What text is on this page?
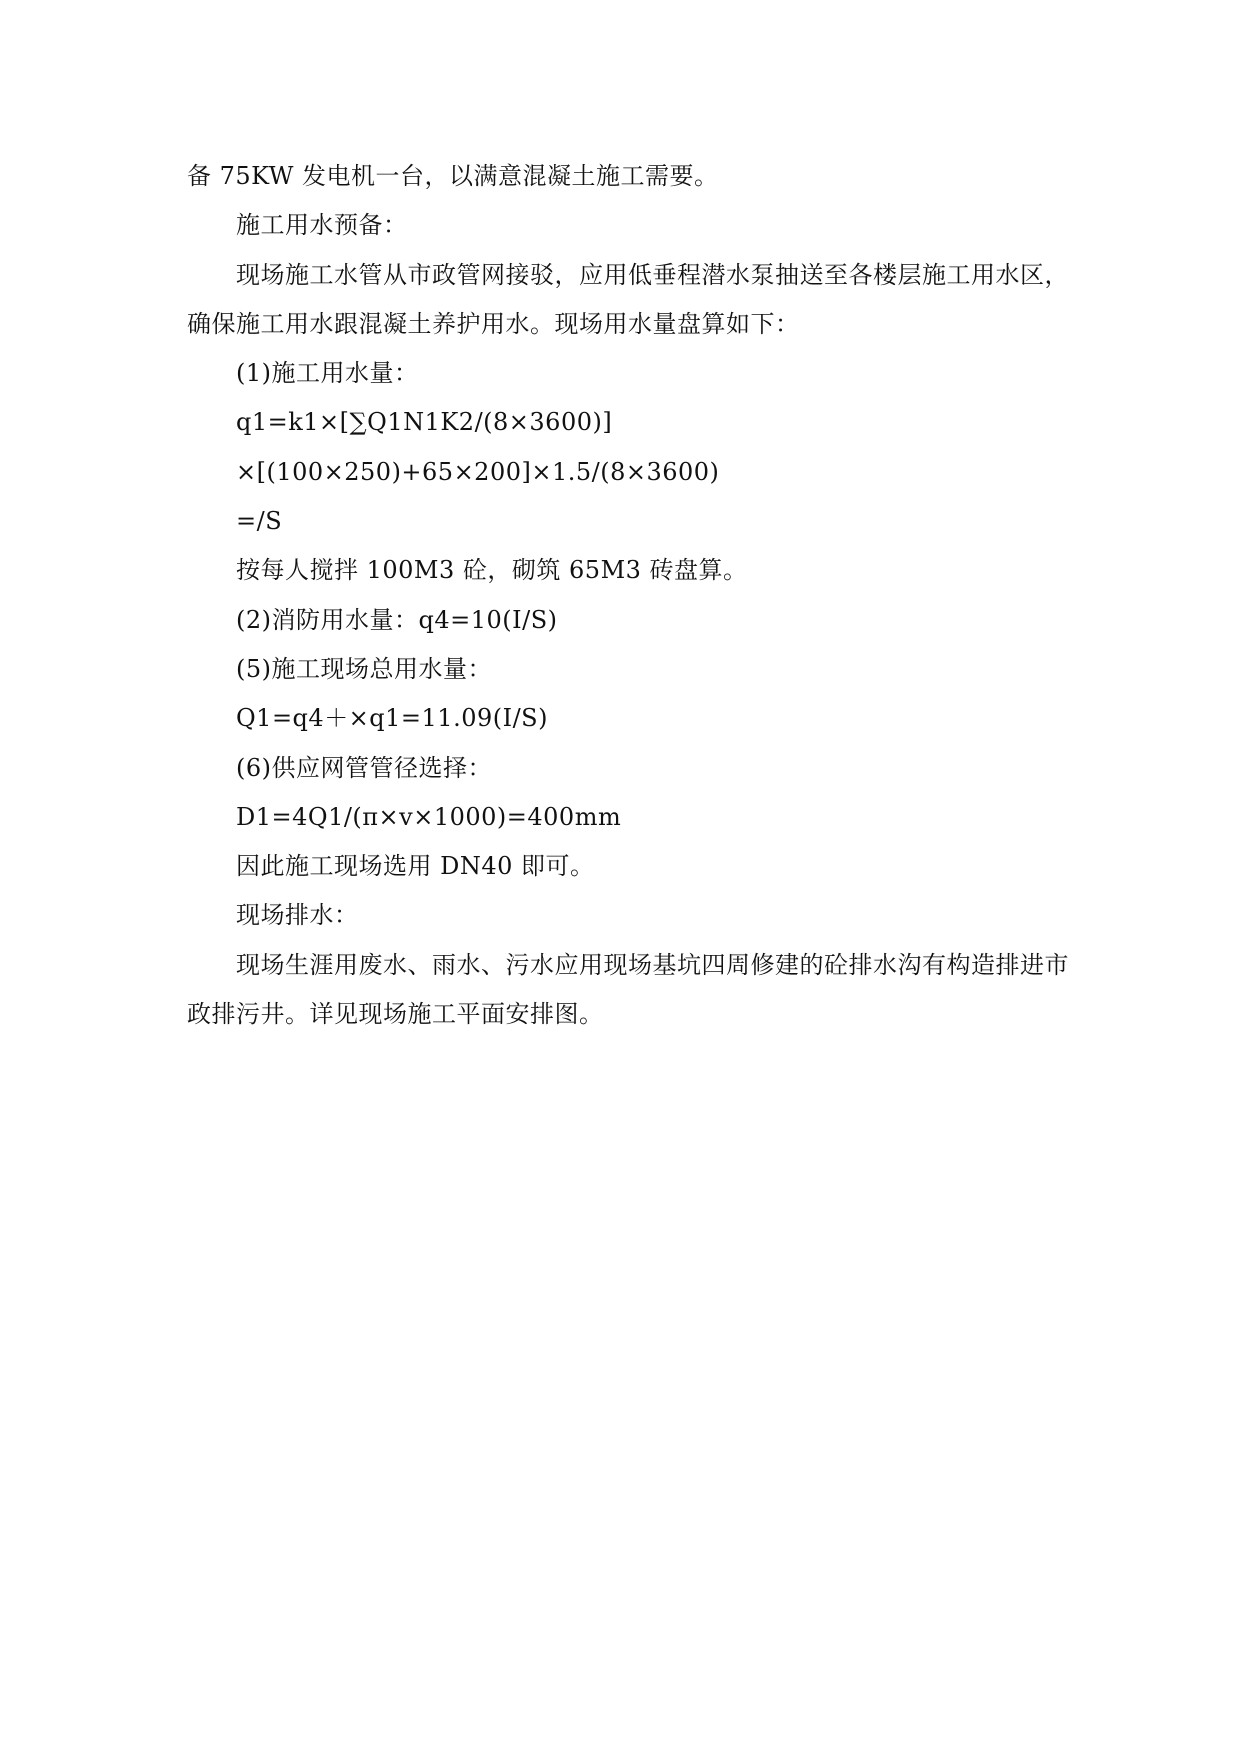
备 75KW 发电机一台，以满意混凝土施工需要。
施工用水预备：
现场施工水管从市政管网接驳，应用低垂程潜水泵抽送至各楼层施工用水区，
确保施工用水跟混凝土养护用水。现场用水量盘算如下：
(1)施工用水量：
q1=k1×[∑Q1N1K2/(8×3600)]
×[(100×250)+65×200]×1.5/(8×3600)
=/S
按每人搅拌 100M3 砼，砌筑 65M3 砖盘算。
(2)消防用水量：q4=10(I/S)
(5)施工现场总用水量：
Q1=q4＋×q1=11.09(I/S)
(6)供应网管管径选择：
D1=4Q1/(π×v×1000)=400mm
因此施工现场选用 DN40 即可。
现场排水：
现场生涯用废水、雨水、污水应用现场基坑四周修建的砼排水沟有构造排进市
政排污井。详见现场施工平面安排图。
